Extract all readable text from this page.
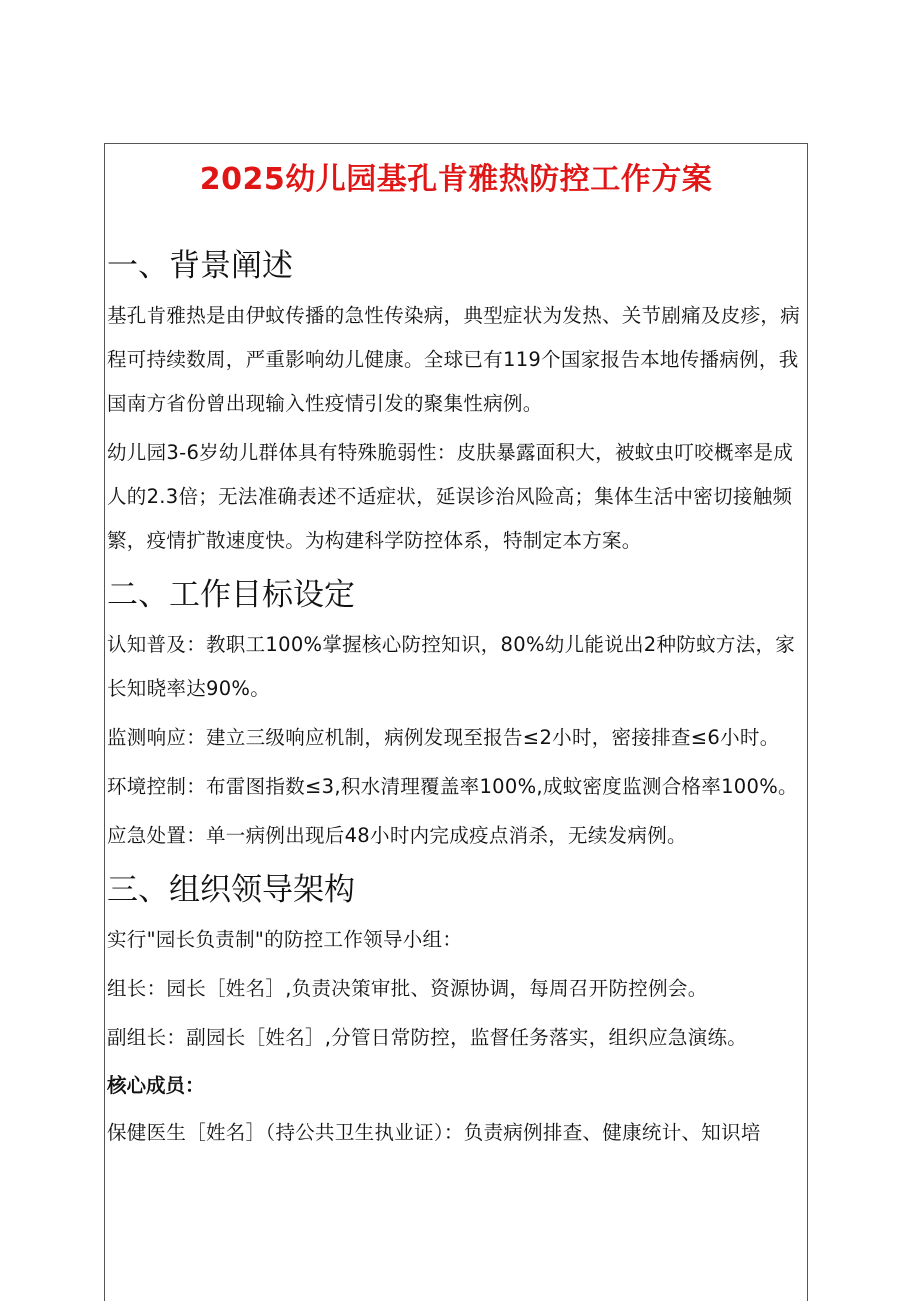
2025幼儿园基孔肯雅热防控工作方案
一、背景阐述

基孔肯雅热是由伊蚊传播的急性传染病，典型症状为发热、关节剧痛及皮疹，病程可持续数周，严重影响幼儿健康。全球已有119个国家报告本地传播病例，我国南方省份曾出现输入性疫情引发的聚集性病例。

幼儿园3-6岁幼儿群体具有特殊脆弱性：皮肤暴露面积大，被蚊虫叮咬概率是成人的2.3倍；无法准确表述不适症状，延误诊治风险高；集体生活中密切接触频繁，疫情扩散速度快。为构建科学防控体系，特制定本方案。

二、工作目标设定

认知普及：教职工100%掌握核心防控知识，80%幼儿能说出2种防蚊方法，家长知晓率达90%。

监测响应：建立三级响应机制，病例发现至报告≤2小时，密接排查≤6小时。

环境控制：布雷图指数≤3,积水清理覆盖率100%,成蚊密度监测合格率100%。

应急处置：单一病例出现后48小时内完成疫点消杀，无续发病例。

三、组织领导架构

实行"园长负责制"的防控工作领导小组：

组长：园长［姓名］,负责决策审批、资源协调，每周召开防控例会。

副组长：副园长［姓名］,分管日常防控，监督任务落实，组织应急演练。

核心成员：

保健医生［姓名］（持公共卫生执业证）：负责病例排查、健康统计、知识培
